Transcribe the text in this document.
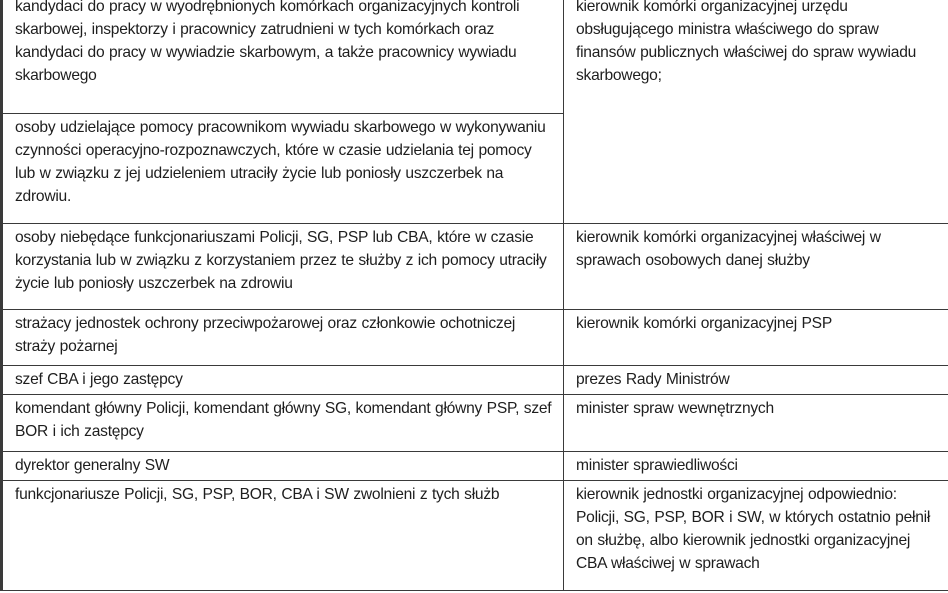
kandydaci do pracy w wyodrębnionych komórkach organizacyjnych kontroli skarbowej, inspektorzy i pracownicy zatrudnieni w tych komórkach oraz kandydaci do pracy w wywiadzie skarbowym, a także pracownicy wywiadu skarbowego	kierownik komórki organizacyjnej urzędu obsługującego ministra właściwego do spraw finansów publicznych właściwej do spraw wywiadu skarbowego;
osoby udzielające pomocy pracownikom wywiadu skarbowego w wykonywaniu czynności operacyjno-rozpoznawczych, które w czasie udzielania tej pomocy lub w związku z jej udzieleniem utraciły życie lub poniosły uszczerbek na zdrowiu.	
osoby niebędące funkcjonariuszami Policji, SG, PSP lub CBA, które w czasie korzystania lub w związku z korzystaniem przez te służby z ich pomocy utraciły życie lub poniosły uszczerbek na zdrowiu	kierownik komórki organizacyjnej właściwej w sprawach osobowych danej służby
strażacy jednostek ochrony przeciwpożarowej oraz członkowie ochotniczej straży pożarnej	kierownik komórki organizacyjnej PSP
szef CBA i jego zastępcy	prezes Rady Ministrów
komendant główny Policji, komendant główny SG, komendant główny PSP, szef BOR i ich zastępcy	minister spraw wewnętrznych
dyrektor generalny SW	minister sprawiedliwości
funkcjonariusze Policji, SG, PSP, BOR, CBA i SW zwolnieni z tych służb	kierownik jednostki organizacyjnej odpowiednio: Policji, SG, PSP, BOR i SW, w których ostatnio pełnił on służbę, albo kierownik jednostki organizacyjnej CBA właściwej w sprawach
